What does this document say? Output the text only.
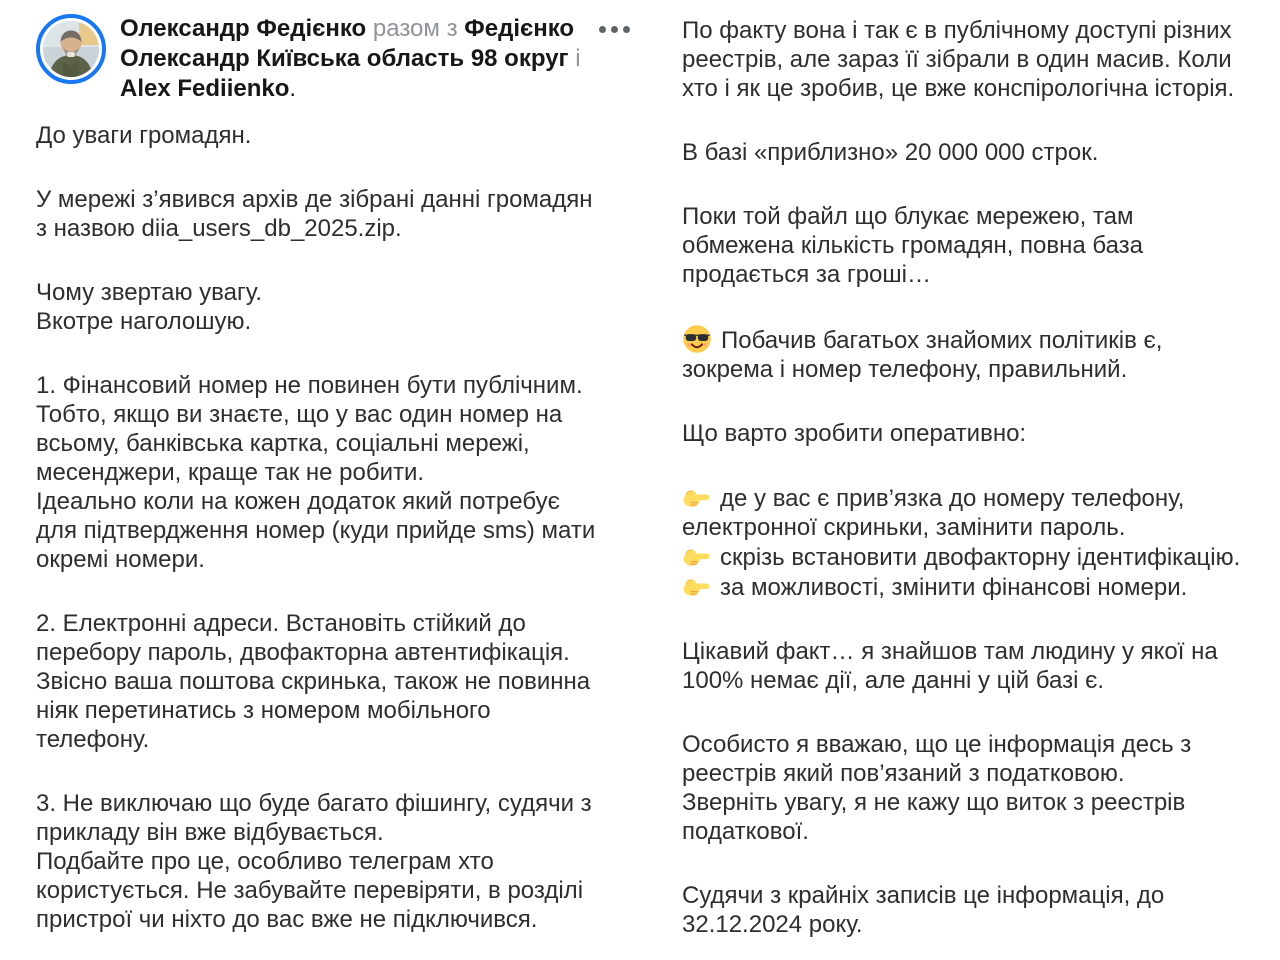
Олександр Федієнко разом з Федієнко
Олександр Київська область 98 округ і
Alex Fediienko.
До уваги громадян.
У мережі з’явився архів де зібрані данні громадян
з назвою diia_users_db_2025.zip.
Чому звертаю увагу.
Вкотре наголошую.
1. Фінансовий номер не повинен бути публічним.
Тобто, якщо ви знаєте, що у вас один номер на
всьому, банківська картка, соціальні мережі,
месенджери, краще так не робити.
Ідеально коли на кожен додаток який потребує
для підтвердження номер (куди прийде sms) мати
окремі номери.
2. Електронні адреси. Встановіть стійкий до
перебору пароль, двофакторна автентифікація.
Звісно ваша поштова скринька, також не повинна
ніяк перетинатись з номером мобільного
телефону.
3. Не виключаю що буде багато фішингу, судячи з
прикладу він вже відбувається.
Подбайте про це, особливо телеграм хто
користується. Не забувайте перевіряти, в розділі
пристрої чи ніхто до вас вже не підключився.
По факту вона і так є в публічному доступі різних
реестрів, але зараз її зібрали в один масив. Коли
хто і як це зробив, це вже конспірологічна історія.
В базі «приблизно» 20 000 000 строк.
Поки той файл що блукає мережею, там
обмежена кількість громадян, повна база
продається за гроші…
Побачив багатьох знайомих політиків є,
зокрема і номер телефону, правильний.
Що варто зробити оперативно:
де у вас є прив’язка до номеру телефону,
електронної скриньки, замінити пароль.
скрізь встановити двофакторну ідентифікацію.
за можливості, змінити фінансові номери.
Цікавий факт… я знайшов там людину у якої на
100% немає дії, але данні у цій базі є.
Особисто я вважаю, що це інформація десь з
реестрів який пов’язаний з податковою.
Зверніть увагу, я не кажу що виток з реестрів
податкової.
Судячи з крайніх записів це інформація, до
32.12.2024 року.
